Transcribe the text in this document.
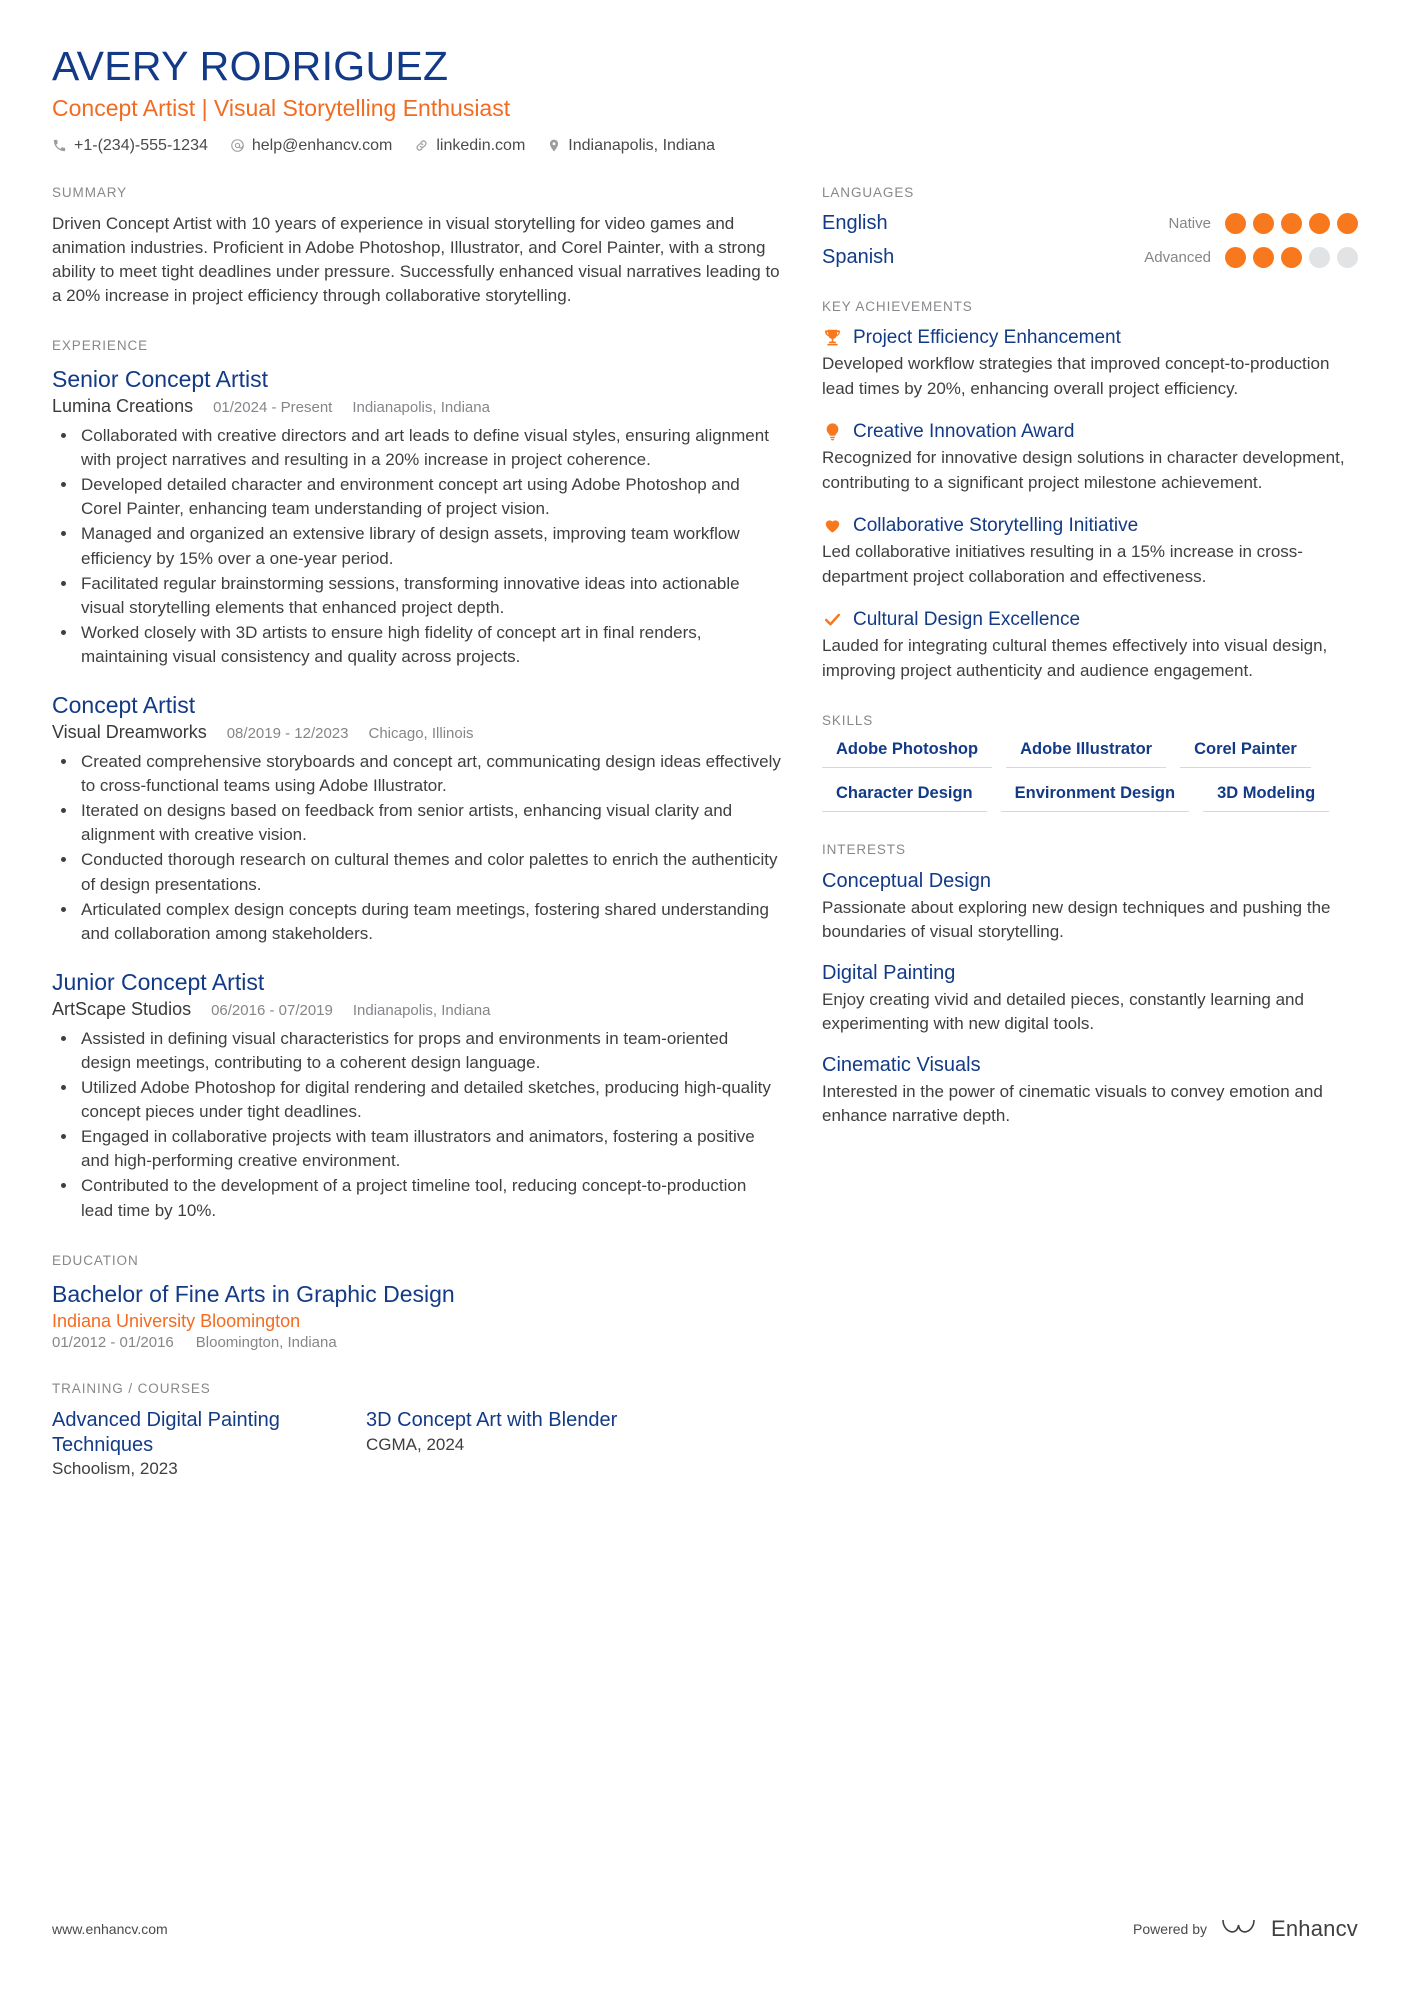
AVERY RODRIGUEZ
Concept Artist | Visual Storytelling Enthusiast
+1-(234)-555-1234	help@enhancv.com	linkedin.com	Indianapolis, Indiana
SUMMARY

Driven Concept Artist with 10 years of experience in visual storytelling for video games and animation industries. Proficient in Adobe Photoshop, Illustrator, and Corel Painter, with a strong ability to meet tight deadlines under pressure. Successfully enhanced visual narratives leading to a 20% increase in project efficiency through collaborative storytelling.

EXPERIENCE
Senior Concept Artist
Lumina Creations 01/2024 - Present Indianapolis, Indiana
• Collaborated with creative directors and art leads to define visual styles, ensuring alignment with project narratives and resulting in a 20% increase in project coherence.
• Developed detailed character and environment concept art using Adobe Photoshop and Corel Painter, enhancing team understanding of project vision.
• Managed and organized an extensive library of design assets, improving team workflow efficiency by 15% over a one-year period.
• Facilitated regular brainstorming sessions, transforming innovative ideas into actionable visual storytelling elements that enhanced project depth.
• Worked closely with 3D artists to ensure high fidelity of concept art in final renders, maintaining visual consistency and quality across projects.
Concept Artist
Visual Dreamworks 08/2019 - 12/2023 Chicago, Illinois
• Created comprehensive storyboards and concept art, communicating design ideas effectively to cross-functional teams using Adobe Illustrator.
• Iterated on designs based on feedback from senior artists, enhancing visual clarity and alignment with creative vision.
• Conducted thorough research on cultural themes and color palettes to enrich the authenticity of design presentations.
• Articulated complex design concepts during team meetings, fostering shared understanding and collaboration among stakeholders.
Junior Concept Artist
ArtScape Studios 06/2016 - 07/2019 Indianapolis, Indiana
• Assisted in defining visual characteristics for props and environments in team-oriented design meetings, contributing to a coherent design language.
• Utilized Adobe Photoshop for digital rendering and detailed sketches, producing high-quality concept pieces under tight deadlines.
• Engaged in collaborative projects with team illustrators and animators, fostering a positive and high-performing creative environment.
• Contributed to the development of a project timeline tool, reducing concept-to-production lead time by 10%.
EDUCATION
Bachelor of Fine Arts in Graphic Design
Indiana University Bloomington
01/2012 - 01/2016 Bloomington, Indiana
TRAINING / COURSES
Advanced Digital Painting Techniques
Schoolism, 2023
3D Concept Art with Blender
CGMA, 2024
LANGUAGES
English	Native
Spanish	Advanced
KEY ACHIEVEMENTS
Project Efficiency Enhancement
Developed workflow strategies that improved concept-to-production lead times by 20%, enhancing overall project efficiency.
Creative Innovation Award
Recognized for innovative design solutions in character development, contributing to a significant project milestone achievement.
Collaborative Storytelling Initiative
Led collaborative initiatives resulting in a 15% increase in cross-department project collaboration and effectiveness.
Cultural Design Excellence
Lauded for integrating cultural themes effectively into visual design, improving project authenticity and audience engagement.
SKILLS
Adobe Photoshop	Adobe Illustrator	Corel Painter
Character Design	Environment Design	3D Modeling
INTERESTS
Conceptual Design
Passionate about exploring new design techniques and pushing the boundaries of visual storytelling.
Digital Painting
Enjoy creating vivid and detailed pieces, constantly learning and experimenting with new digital tools.
Cinematic Visuals
Interested in the power of cinematic visuals to convey emotion and enhance narrative depth.
www.enhancv.com	Powered by	Enhancv
